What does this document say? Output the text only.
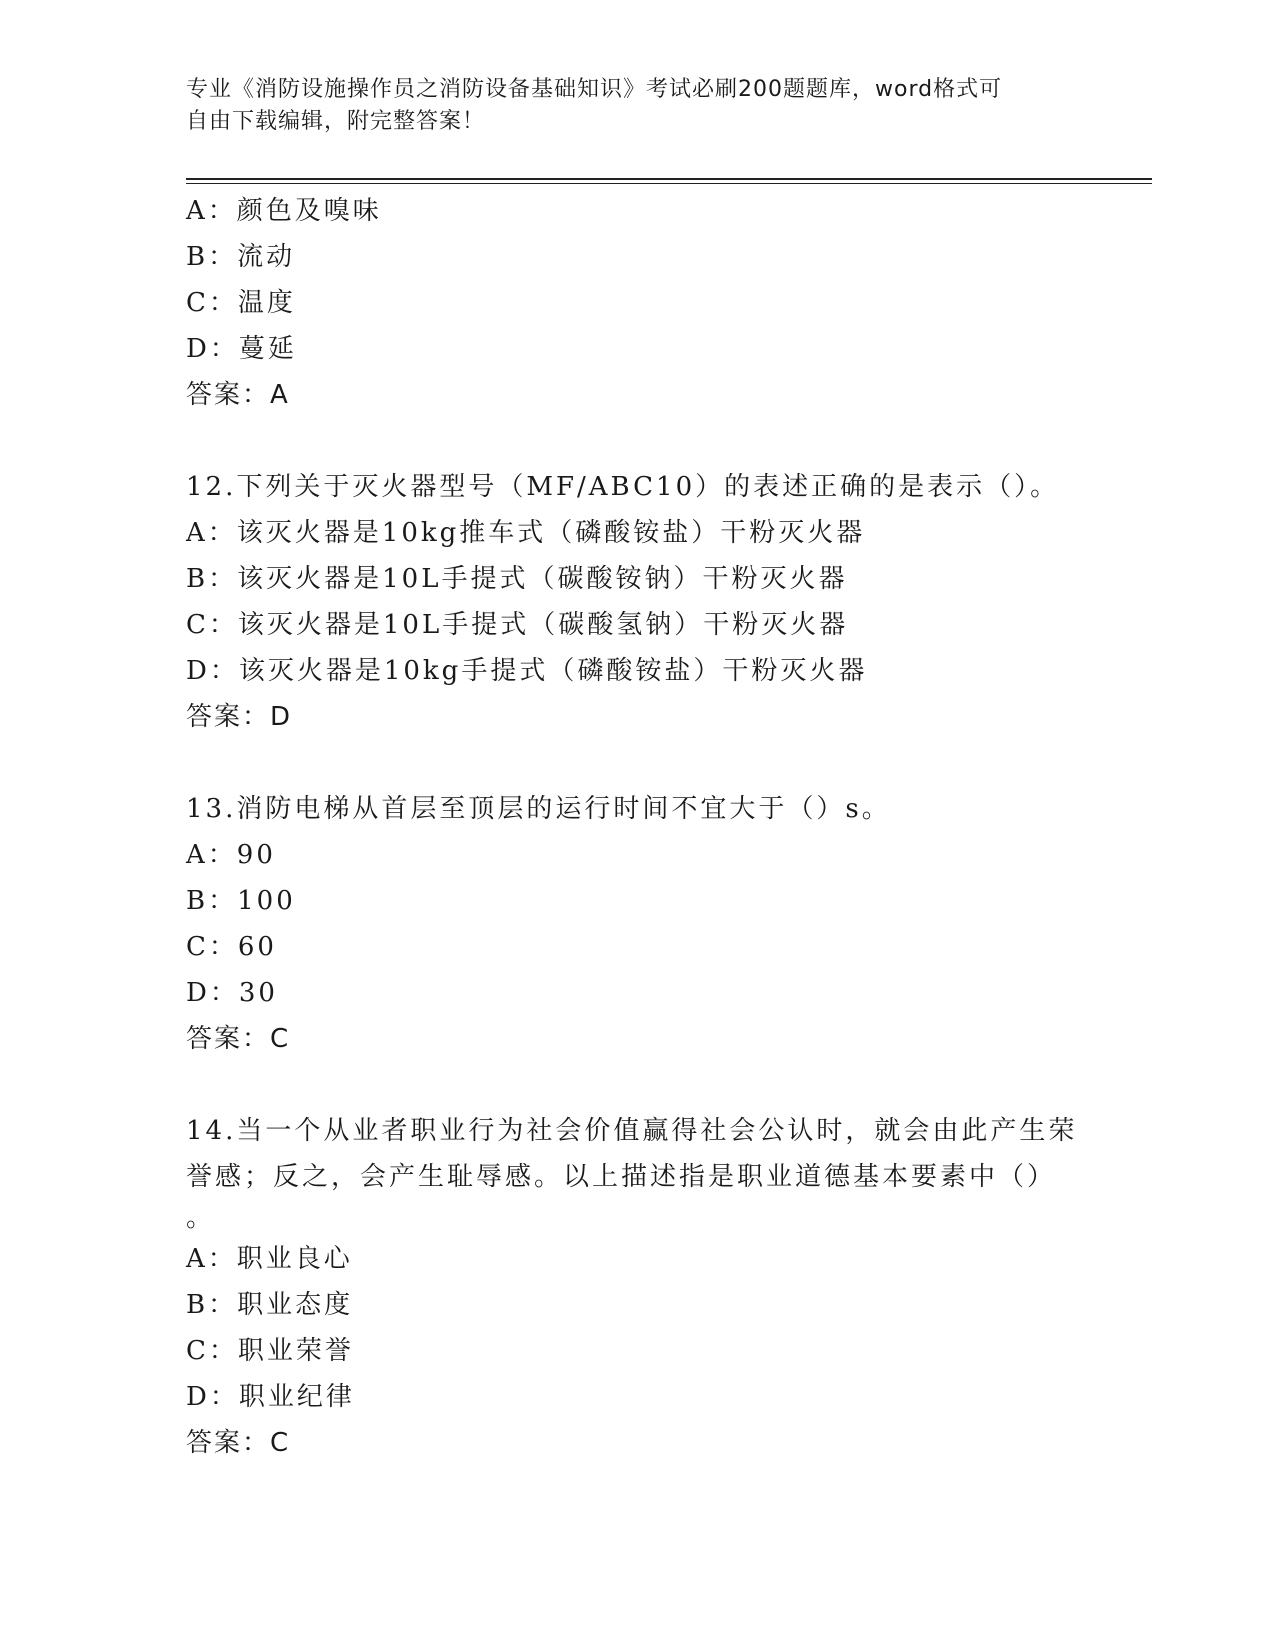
专业《消防设施操作员之消防设备基础知识》考试必刷200题题库，word格式可
自由下载编辑，附完整答案！
A：颜色及嗅味
B：流动
C：温度
D：蔓延
答案：A
12.下列关于灭火器型号（MF/ABC10）的表述正确的是表示（）。
A：该灭火器是10kg推车式（磷酸铵盐）干粉灭火器
B：该灭火器是10L手提式（碳酸铵钠）干粉灭火器
C：该灭火器是10L手提式（碳酸氢钠）干粉灭火器
D：该灭火器是10kg手提式（磷酸铵盐）干粉灭火器
答案：D
13.消防电梯从首层至顶层的运行时间不宜大于（）s。
A：90
B：100
C：60
D：30
答案：C
14.当一个从业者职业行为社会价值赢得社会公认时，就会由此产生荣
誉感；反之，会产生耻辱感。以上描述指是职业道德基本要素中（）
。
A：职业良心
B：职业态度
C：职业荣誉
D：职业纪律
答案：C
